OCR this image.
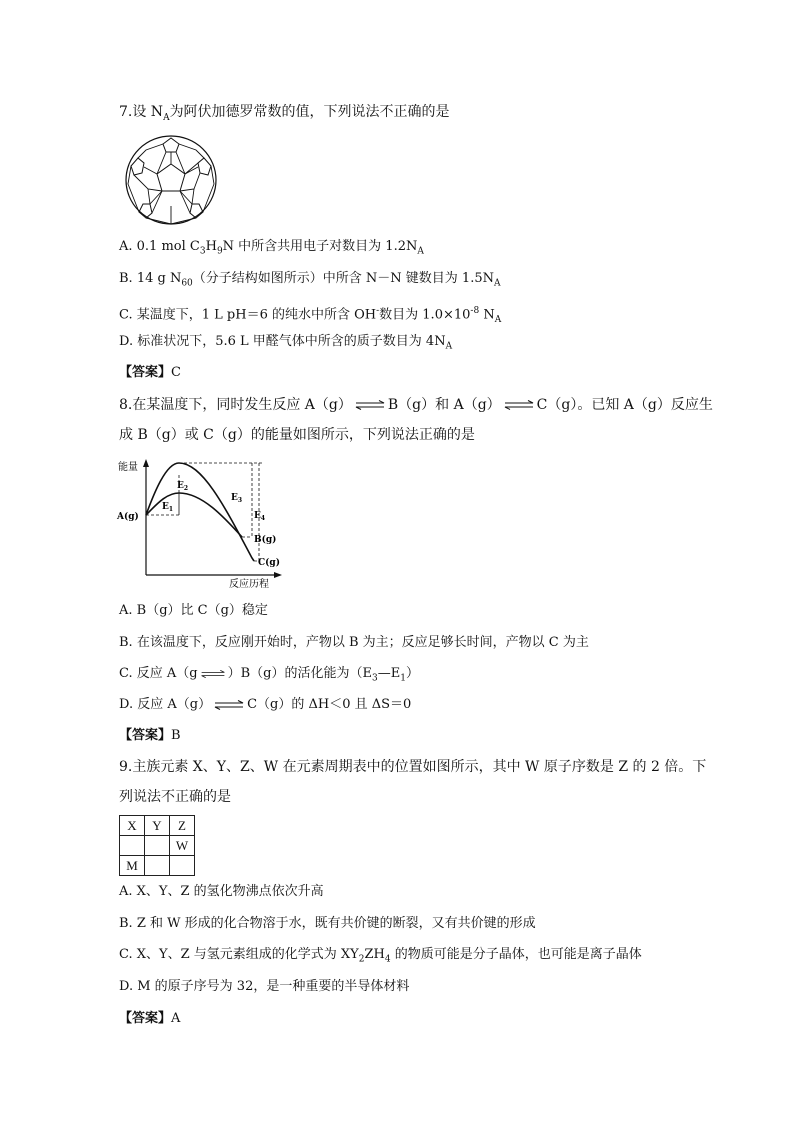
7.设 $N_A$为阿伏加德罗常数的值，下列说法不正确的是
A. 0.1 mol $C_3H_9N$ 中所含共用电子对数目为 $1.2N_A$
B. 14 g $N_{60}$（分子结构如图所示）中所含 N－N 键数目为 $1.5N_A$
C. 某温度下，1 L pH＝6 的纯水中所含 OH-数目为 $1.0\times 10^{-8}$ $N_A$
D. 标准状况下，5.6 L 甲醛气体中所含的质子数目为 $4N_A$
【答案】C
8.在某温度下，同时发生反应 A（g） ⇌ B（g）和 A（g） ⇌ C（g）。已知 A（g）反应生
成 B（g）或 C（g）的能量如图所示，下列说法正确的是
能量
反应历程
$E_2$
$E_1$
$E_3$
$E_4$
A(g)
B(g)
C(g)
A. B（g）比 C（g）稳定
B. 在该温度下，反应刚开始时，产物以 B 为主；反应足够长时间，产物以 C 为主
C. 反应 A（g ⇌ ）B（g）的活化能为$(E_3—E_1)$
D. 反应 A（g） ⇌ C（g）的 ΔH＜0 且 ΔS＝0
【答案】B
9.主族元素 X、Y、Z、W 在元素周期表中的位置如图所示，其中 W 原子序数是 Z 的 2 倍。下
列说法不正确的是
X	Y	Z
		W
M		
A. X、Y、Z 的氢化物沸点依次升高
B. Z 和 W 形成的化合物溶于水，既有共价键的断裂，又有共价键的形成
C. X、Y、Z 与氢元素组成的化学式为 $XY_2ZH_4$ 的物质可能是分子晶体，也可能是离子晶体
D. M 的原子序号为 32，是一种重要的半导体材料
【答案】A
